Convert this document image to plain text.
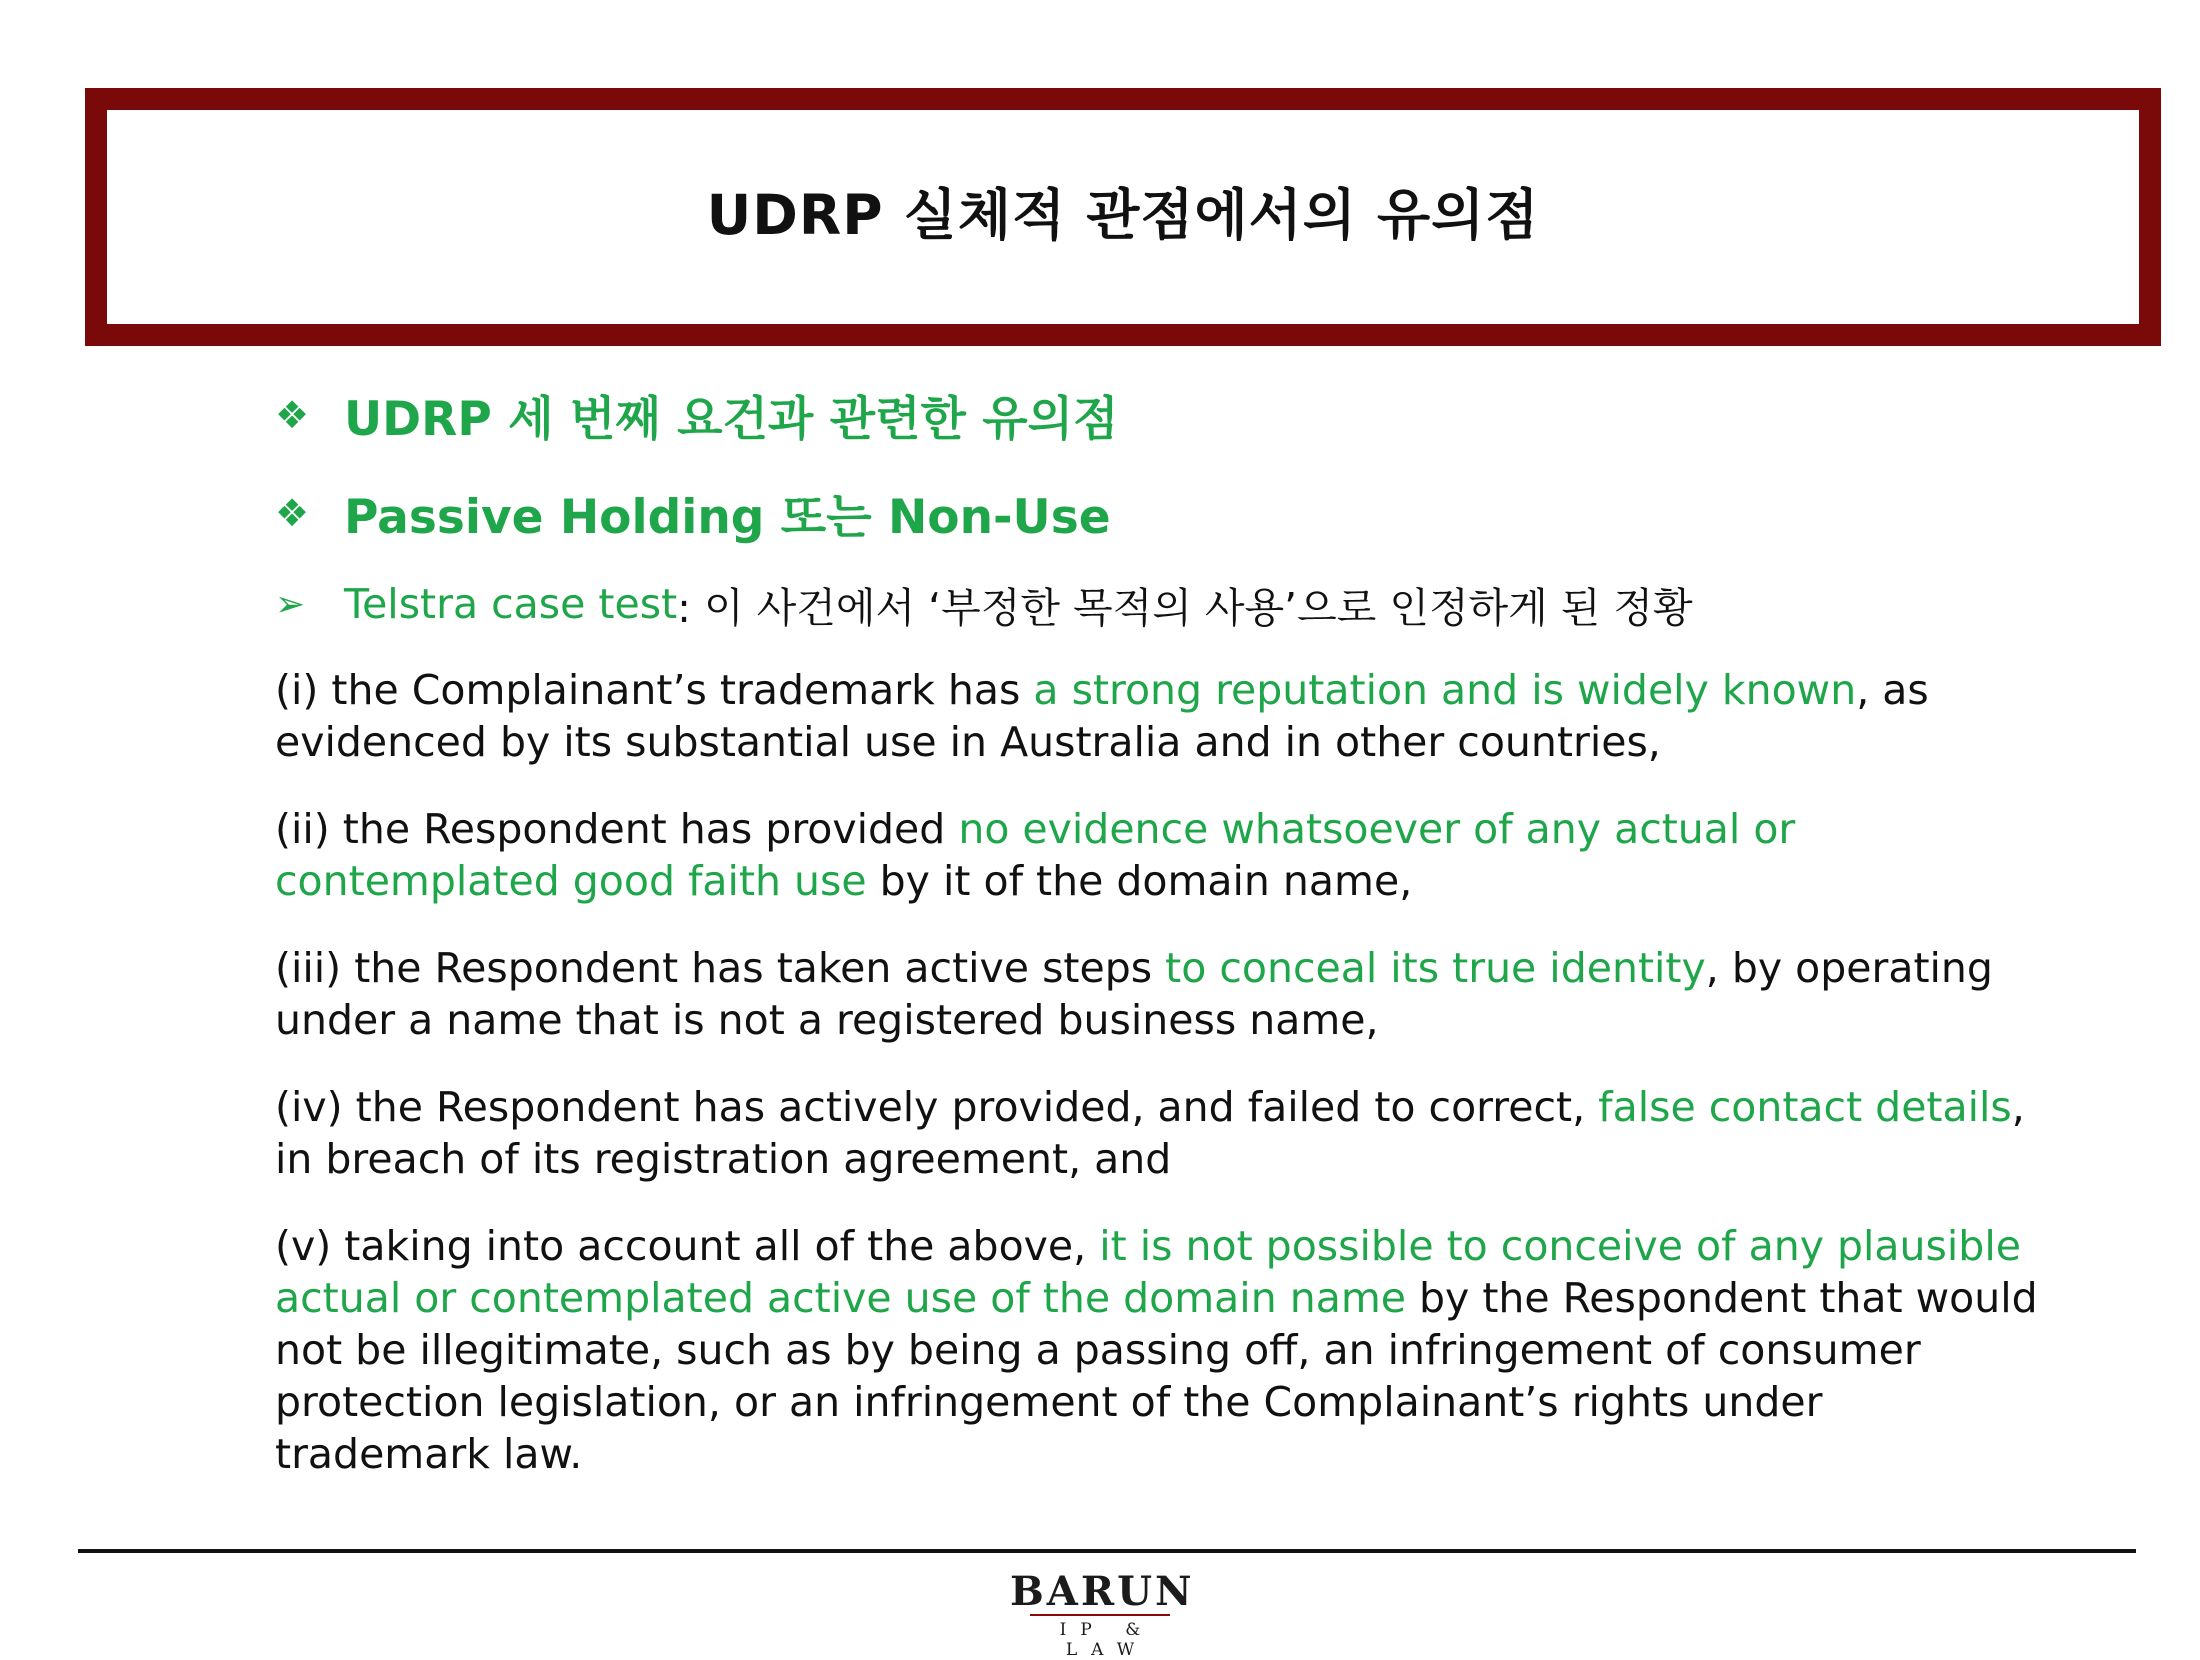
UDRP 실체적 관점에서의 유의점
❖ UDRP 세 번째 요건과 관련한 유의점
❖ Passive Holding 또는 Non-Use
➢ Telstra case test : 이 사건에서 ‘부정한 목적의 사용’으로 인정하게 된 정황
(i) the Complainant’s trademark has a strong reputation and is widely known, as evidenced by its substantial use in Australia and in other countries,
(ii) the Respondent has provided no evidence whatsoever of any actual or contemplated good faith use by it of the domain name,
(iii) the Respondent has taken active steps to conceal its true identity, by operating under a name that is not a registered business name,
(iv) the Respondent has actively provided, and failed to correct, false contact details, in breach of its registration agreement, and
(v) taking into account all of the above, it is not possible to conceive of any plausible actual or contemplated active use of the domain name by the Respondent that would not be illegitimate, such as by being a passing off, an infringement of consumer protection legislation, or an infringement of the Complainant’s rights under trademark law.
BARUN
IP & LAW
